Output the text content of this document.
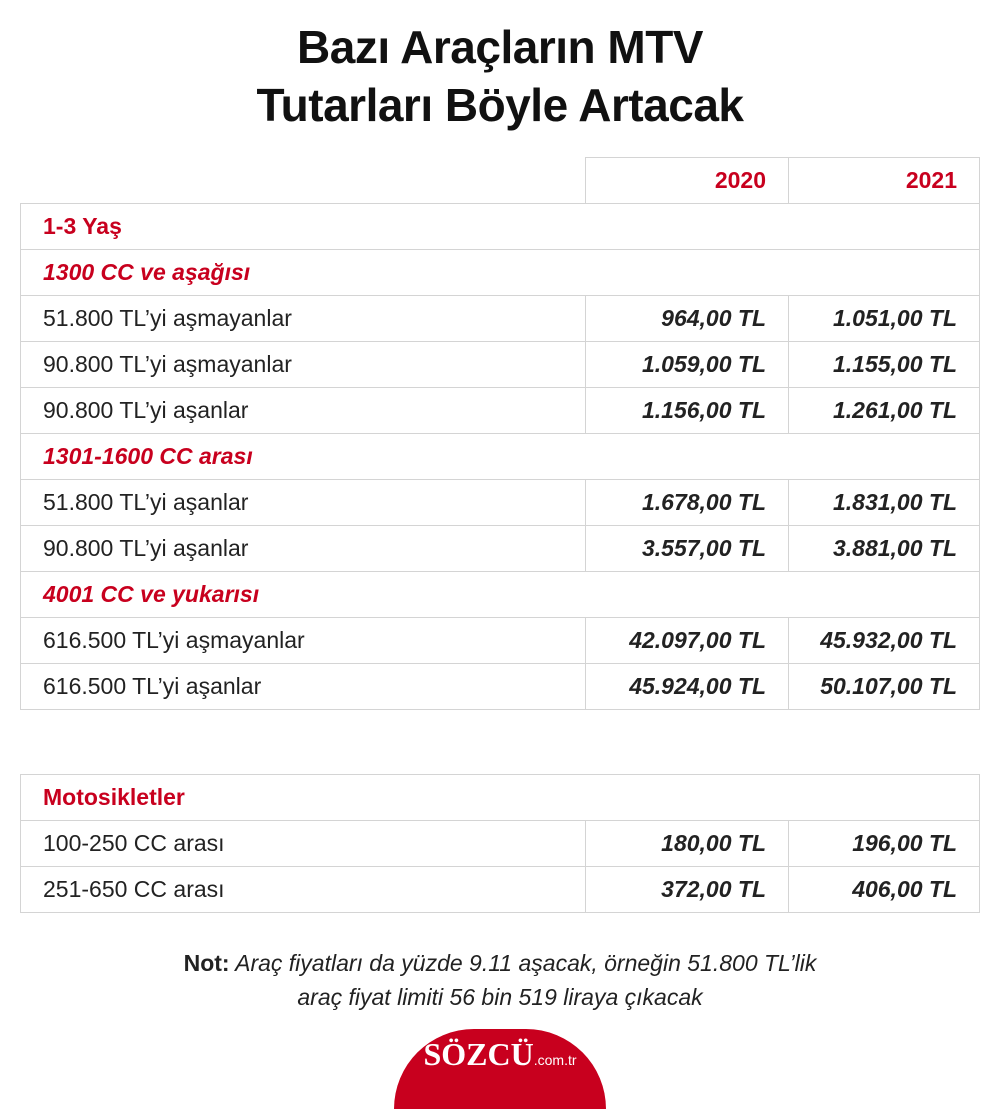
Bazı Araçların MTV
Tutarları Böyle Artacak
	2020	2021
1-3 Yaş		
1300 CC ve aşağısı		
51.800 TL’yi aşmayanlar	964,00 TL	1.051,00 TL
90.800 TL’yi aşmayanlar	1.059,00 TL	1.155,00 TL
90.800 TL’yi aşanlar	1.156,00 TL	1.261,00 TL
1301-1600 CC arası		
51.800 TL’yi aşanlar	1.678,00 TL	1.831,00 TL
90.800 TL’yi aşanlar	3.557,00 TL	3.881,00 TL
4001 CC ve yukarısı		
616.500 TL’yi aşmayanlar	42.097,00 TL	45.932,00 TL
616.500 TL’yi aşanlar	45.924,00 TL	50.107,00 TL
Motosikletler		
100-250 CC arası	180,00 TL	196,00 TL
251-650 CC arası	372,00 TL	406,00 TL
Not: Araç fiyatları da yüzde 9.11 aşacak, örneğin 51.800 TL’lik
araç fiyat limiti 56 bin 519 liraya çıkacak
SÖZCÜ.com.tr
